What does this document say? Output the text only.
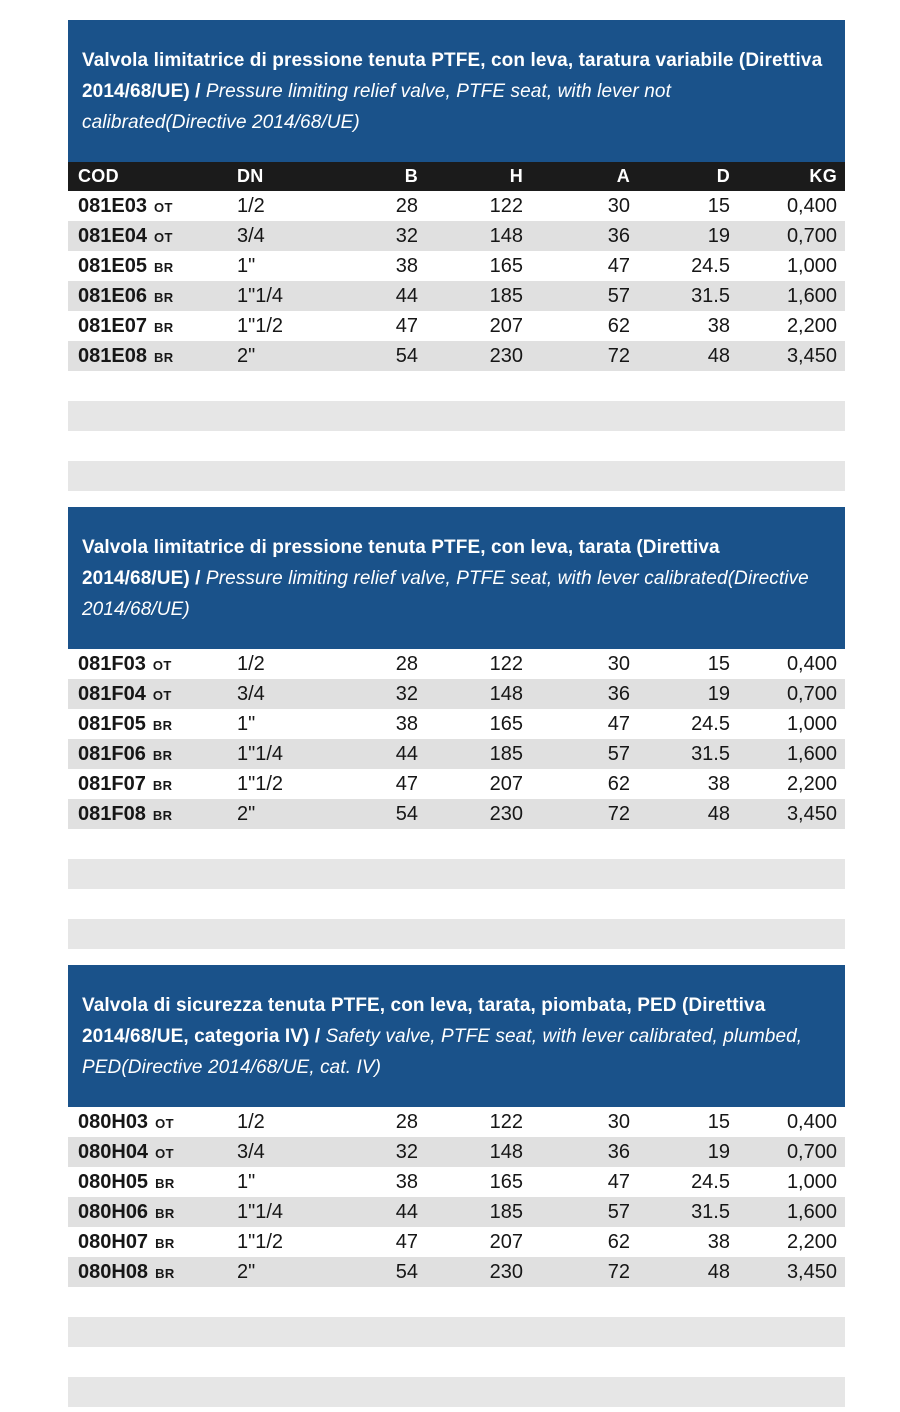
Valvola limitatrice di pressione tenuta PTFE, con leva, taratura variabile (Direttiva 2014/68/UE) / Pressure limiting relief valve, PTFE seat, with lever not calibrated(Directive 2014/68/UE)

COD	DN	B	H	A	D	KG
081E03 OT	1/2	28	122	30	15	0,400
081E04 OT	3/4	32	148	36	19	0,700
081E05 BR	1"	38	165	47	24.5	1,000
081E06 BR	1"1/4	44	185	57	31.5	1,600
081E07 BR	1"1/2	47	207	62	38	2,200
081E08 BR	2"	54	230	72	48	3,450

Valvola limitatrice di pressione tenuta PTFE, con leva, tarata (Direttiva 2014/68/UE) / Pressure limiting relief valve, PTFE seat, with lever calibrated(Directive 2014/68/UE)

081F03 OT	1/2	28	122	30	15	0,400
081F04 OT	3/4	32	148	36	19	0,700
081F05 BR	1"	38	165	47	24.5	1,000
081F06 BR	1"1/4	44	185	57	31.5	1,600
081F07 BR	1"1/2	47	207	62	38	2,200
081F08 BR	2"	54	230	72	48	3,450

Valvola di sicurezza tenuta PTFE, con leva, tarata, piombata, PED (Direttiva 2014/68/UE, categoria IV) / Safety valve, PTFE seat, with lever calibrated, plumbed, PED(Directive 2014/68/UE, cat. IV)

080H03 OT	1/2	28	122	30	15	0,400
080H04 OT	3/4	32	148	36	19	0,700
080H05 BR	1"	38	165	47	24.5	1,000
080H06 BR	1"1/4	44	185	57	31.5	1,600
080H07 BR	1"1/2	47	207	62	38	2,200
080H08 BR	2"	54	230	72	48	3,450
